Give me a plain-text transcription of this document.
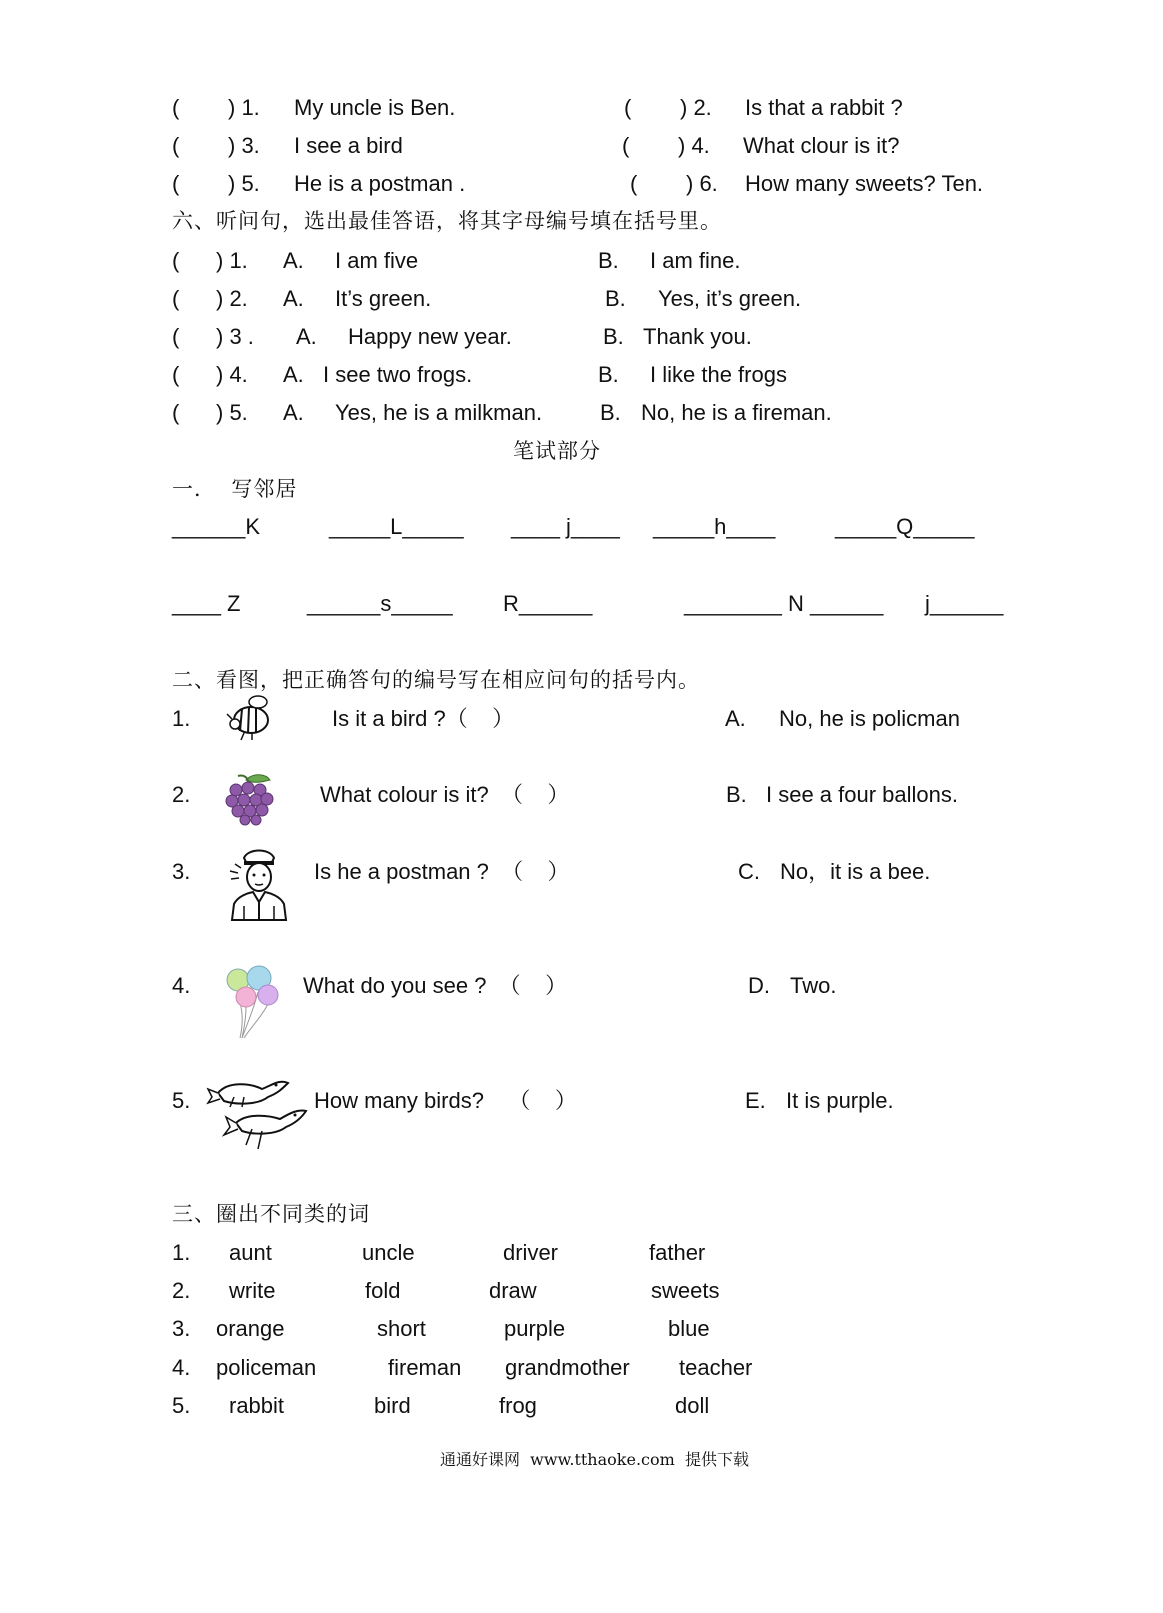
( ) 1. My uncle is Ben.	( ) 2. Is that a rabbit ?
( ) 3. I see a bird	( ) 4. What clour is it?
( ) 5. He is a postman .	( ) 6. How many sweets? Ten.
六、听问句，选出最佳答语，将其字母编号填在括号里。
( ) 1. A. I am five	B. I am fine.
( ) 2. A. It’s green.	B. Yes, it’s green.
( ) 3 . A. Happy new year.	B. Thank you.
( ) 4. A. I see two frogs.	B. I like the frogs
( ) 5. A. Yes, he is a milkman.	B. No, he is a fireman.
笔试部分
一．  写邻居
______K	_____L_____ ____ j____ _____h____	_____Q_____
____ Z	______s_____ R______	________ N ______ j______
二、看图，把正确答句的编号写在相应问句的括号内。
1.	Is it a bird ?（    ）	A. No, he is policman
2.	What colour is it?  （    ）	B. I see a four ballons.
3.	Is he a postman ?  （    ）	C. No，it is a bee.
4.	What do you see ?  （    ）	D. Two.
5.	How many birds?    （    ）	E. It is purple.
三、圈出不同类的词
1. aunt	uncle	driver	father
2. write	fold	draw	sweets
3. orange	short	purple	blue
4. policeman	fireman grandmother teacher
5. rabbit	bird	frog	doll
通通好课网  www.tthaoke.com  提供下载
